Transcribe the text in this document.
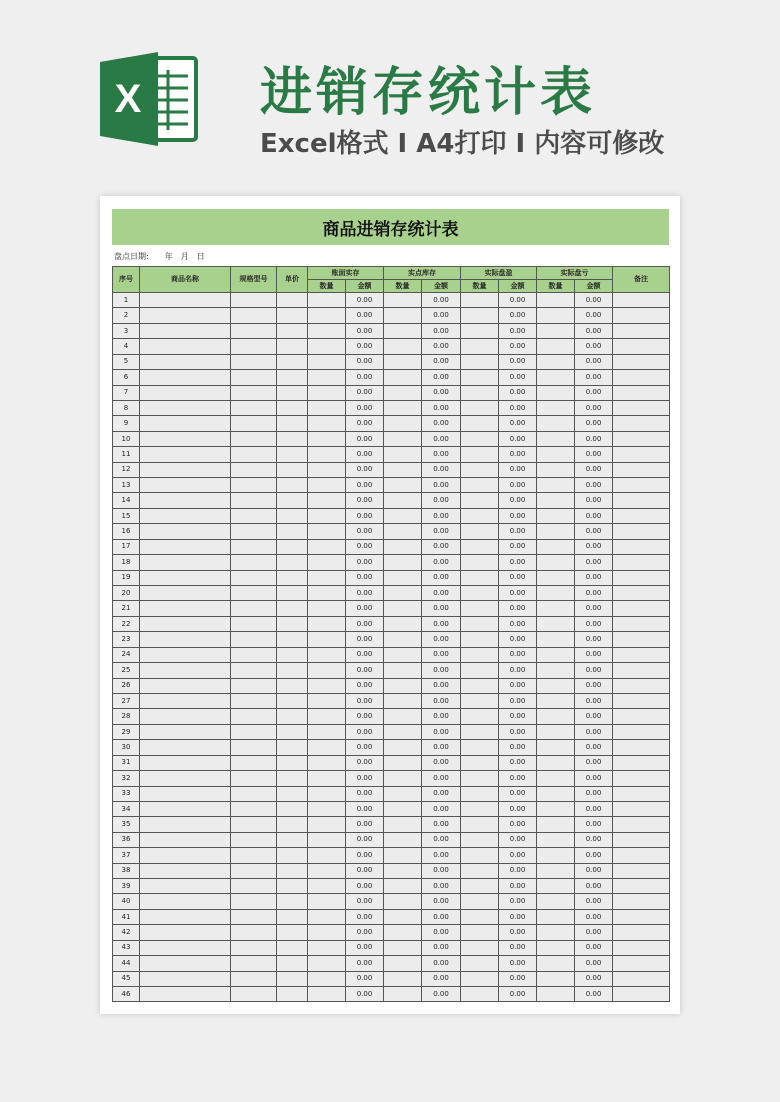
X 进销存统计表
Excel格式 Ⅰ A4打印 Ⅰ 内容可修改
商品进销存统计表
盘点日期: 年 月 日
序号	商品名称	规格型号	单价	账面实存		实点库存		实际盘盈		实际盘亏		备注
				数量	金额	数量	金额	数量	金额	数量	金额	
1					0.00		0.00		0.00		0.00	
2					0.00		0.00		0.00		0.00	
3					0.00		0.00		0.00		0.00	
4					0.00		0.00		0.00		0.00	
5					0.00		0.00		0.00		0.00	
6					0.00		0.00		0.00		0.00	
7					0.00		0.00		0.00		0.00	
8					0.00		0.00		0.00		0.00	
9					0.00		0.00		0.00		0.00	
10					0.00		0.00		0.00		0.00	
11					0.00		0.00		0.00		0.00	
12					0.00		0.00		0.00		0.00	
13					0.00		0.00		0.00		0.00	
14					0.00		0.00		0.00		0.00	
15					0.00		0.00		0.00		0.00	
16					0.00		0.00		0.00		0.00	
17					0.00		0.00		0.00		0.00	
18					0.00		0.00		0.00		0.00	
19					0.00		0.00		0.00		0.00	
20					0.00		0.00		0.00		0.00	
21					0.00		0.00		0.00		0.00	
22					0.00		0.00		0.00		0.00	
23					0.00		0.00		0.00		0.00	
24					0.00		0.00		0.00		0.00	
25					0.00		0.00		0.00		0.00	
26					0.00		0.00		0.00		0.00	
27					0.00		0.00		0.00		0.00	
28					0.00		0.00		0.00		0.00	
29					0.00		0.00		0.00		0.00	
30					0.00		0.00		0.00		0.00	
31					0.00		0.00		0.00		0.00	
32					0.00		0.00		0.00		0.00	
33					0.00		0.00		0.00		0.00	
34					0.00		0.00		0.00		0.00	
35					0.00		0.00		0.00		0.00	
36					0.00		0.00		0.00		0.00	
37					0.00		0.00		0.00		0.00	
38					0.00		0.00		0.00		0.00	
39					0.00		0.00		0.00		0.00	
40					0.00		0.00		0.00		0.00	
41					0.00		0.00		0.00		0.00	
42					0.00		0.00		0.00		0.00	
43					0.00		0.00		0.00		0.00	
44					0.00		0.00		0.00		0.00	
45					0.00		0.00		0.00		0.00	
46					0.00		0.00		0.00		0.00	
